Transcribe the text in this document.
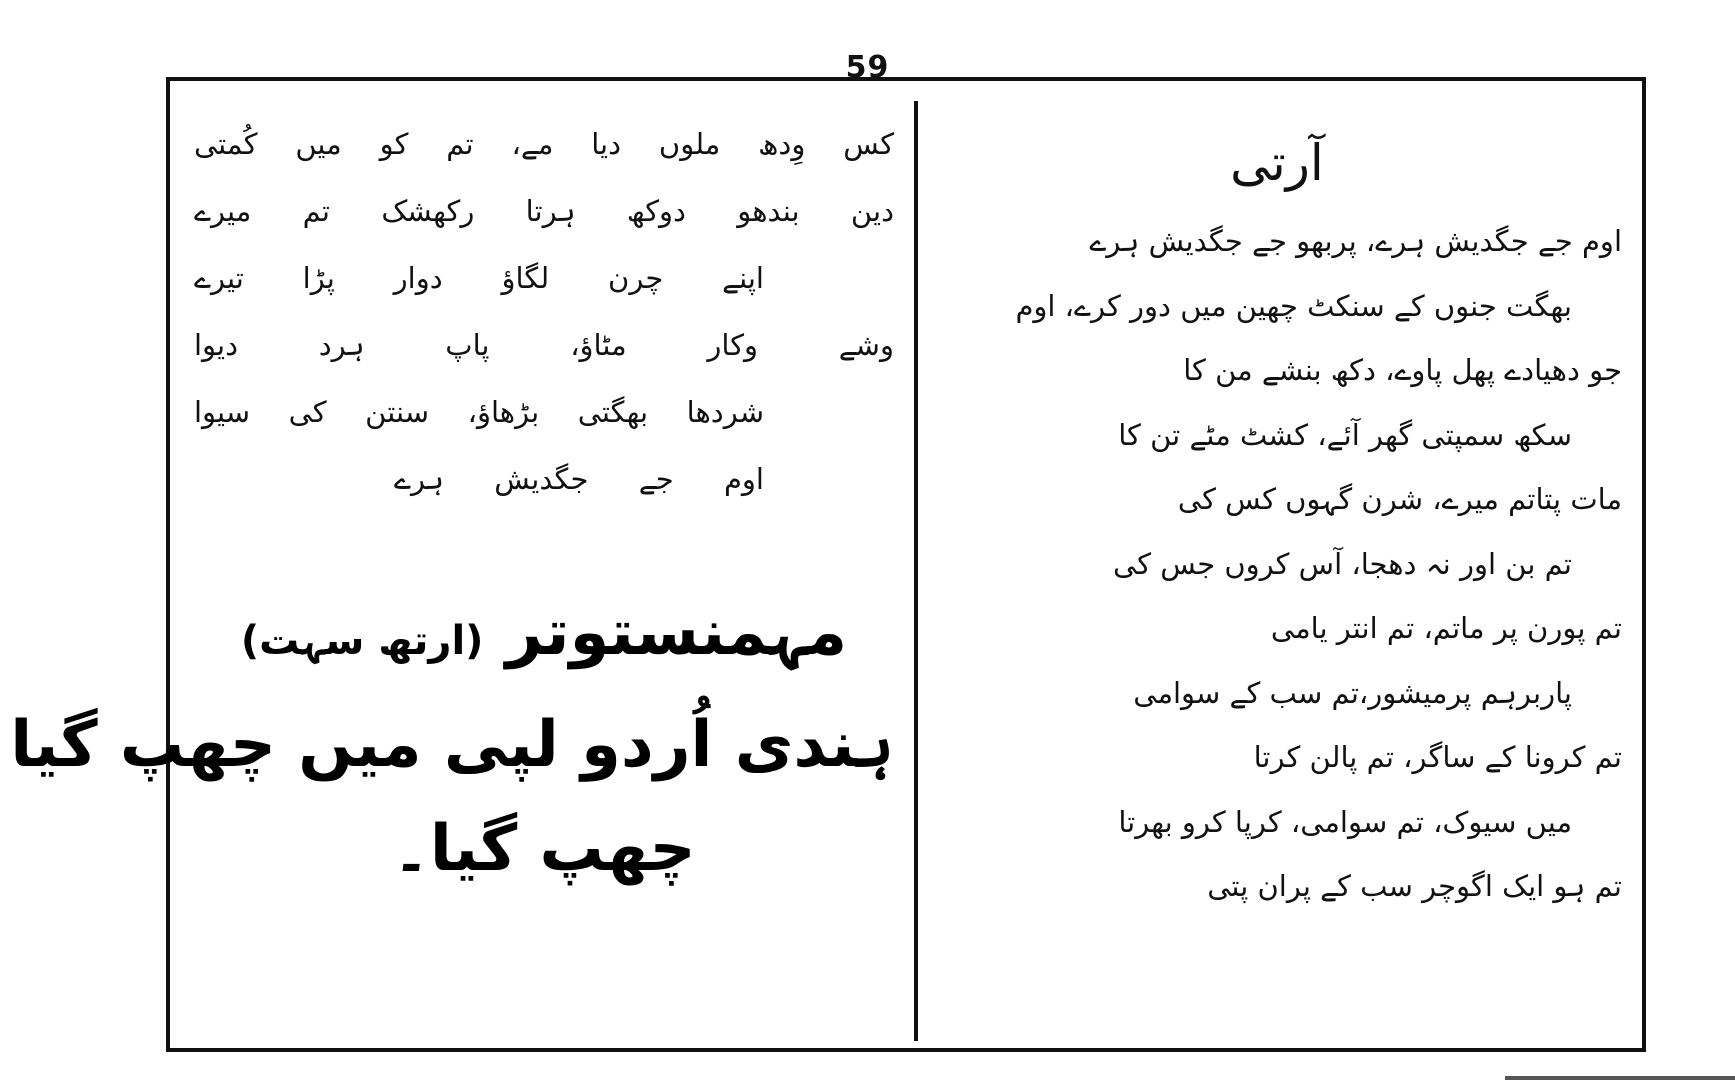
59
آرتی
اوم جے جگدیش ہرے، پربھو جے جگدیش ہرے
بھگت جنوں کے سنکٹ چھین میں دور کرے، اوم
جو دھیادے پھل پاوے، دکھ بنشے من کا
سکھ سمپتی گھر آئے، کشٹ مٹے تن کا
مات پتاتم میرے، شرن گہوں کس کی
تم بن اور نہ دھجا، آس کروں جس کی
تم پورن پر ماتم، تم انتر یامی
پاربرہم پرمیشور،تم سب کے سوامی
تم کرونا کے ساگر، تم پالن کرتا
میں سیوک، تم سوامی، کرپا کرو بھرتا
تم ہو ایک اگوچر سب کے پران پتی
کس وِدھ ملوں دیا مے، تم کو میں کُمتی
دین بندھو دوکھ ہرتا رکھشک تم میرے
اپنے چرن لگاؤ دوار پڑا تیرے
وشے وکار مٹاؤ، پاپ ہرد دیوا
شردھا بھگتی بڑھاؤ، سنتن کی سیوا
اوم جے جگدیش ہرے
مہمنستوتر (ارتھ سہت)
ہندی اُردو لپی میں چھپ گیا
چھپ گیا۔
